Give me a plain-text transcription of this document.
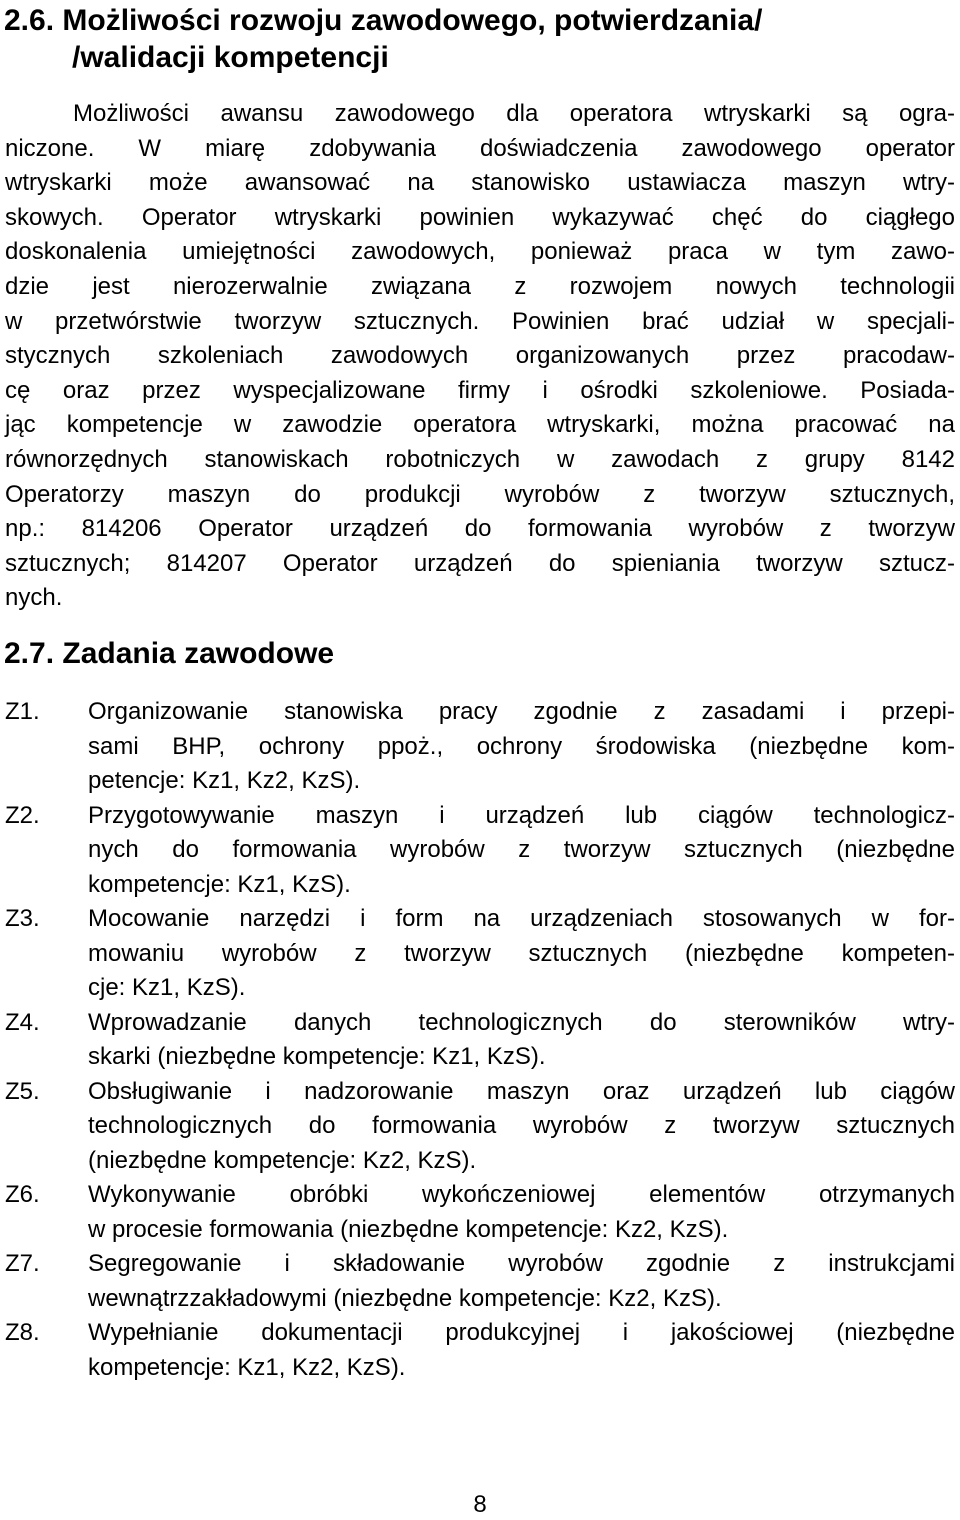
2.6. Możliwości rozwoju zawodowego, potwierdzania/
/walidacji kompetencji
Możliwości awansu zawodowego dla operatora wtryskarki są ogra-
niczone. W miarę zdobywania doświadczenia zawodowego operator
wtryskarki może awansować na stanowisko ustawiacza maszyn wtry-
skowych. Operator wtryskarki powinien wykazywać chęć do ciągłego
doskonalenia umiejętności zawodowych, ponieważ praca w tym zawo-
dzie jest nierozerwalnie związana z rozwojem nowych technologii
w przetwórstwie tworzyw sztucznych. Powinien brać udział w specjali-
stycznych szkoleniach zawodowych organizowanych przez pracodaw-
cę oraz przez wyspecjalizowane firmy i ośrodki szkoleniowe. Posiada-
jąc kompetencje w zawodzie operatora wtryskarki, można pracować na
równorzędnych stanowiskach robotniczych w zawodach z grupy 8142
Operatorzy maszyn do produkcji wyrobów z tworzyw sztucznych,
np.: 814206 Operator urządzeń do formowania wyrobów z tworzyw
sztucznych; 814207 Operator urządzeń do spieniania tworzyw sztucz-
nych.
2.7. Zadania zawodowe
Z1. Organizowanie stanowiska pracy zgodnie z zasadami i przepi-
sami BHP, ochrony ppoż., ochrony środowiska (niezbędne kom-
petencje: Kz1, Kz2, KzS).
Z2. Przygotowywanie maszyn i urządzeń lub ciągów technologicz-
nych do formowania wyrobów z tworzyw sztucznych (niezbędne
kompetencje: Kz1, KzS).
Z3. Mocowanie narzędzi i form na urządzeniach stosowanych w for-
mowaniu wyrobów z tworzyw sztucznych (niezbędne kompeten-
cje: Kz1, KzS).
Z4. Wprowadzanie danych technologicznych do sterowników wtry-
skarki (niezbędne kompetencje: Kz1, KzS).
Z5. Obsługiwanie i nadzorowanie maszyn oraz urządzeń lub ciągów
technologicznych do formowania wyrobów z tworzyw sztucznych
(niezbędne kompetencje: Kz2, KzS).
Z6. Wykonywanie obróbki wykończeniowej elementów otrzymanych
w procesie formowania (niezbędne kompetencje: Kz2, KzS).
Z7. Segregowanie i składowanie wyrobów zgodnie z instrukcjami
wewnątrzzakładowymi (niezbędne kompetencje: Kz2, KzS).
Z8. Wypełnianie dokumentacji produkcyjnej i jakościowej (niezbędne
kompetencje: Kz1, Kz2, KzS).
8
